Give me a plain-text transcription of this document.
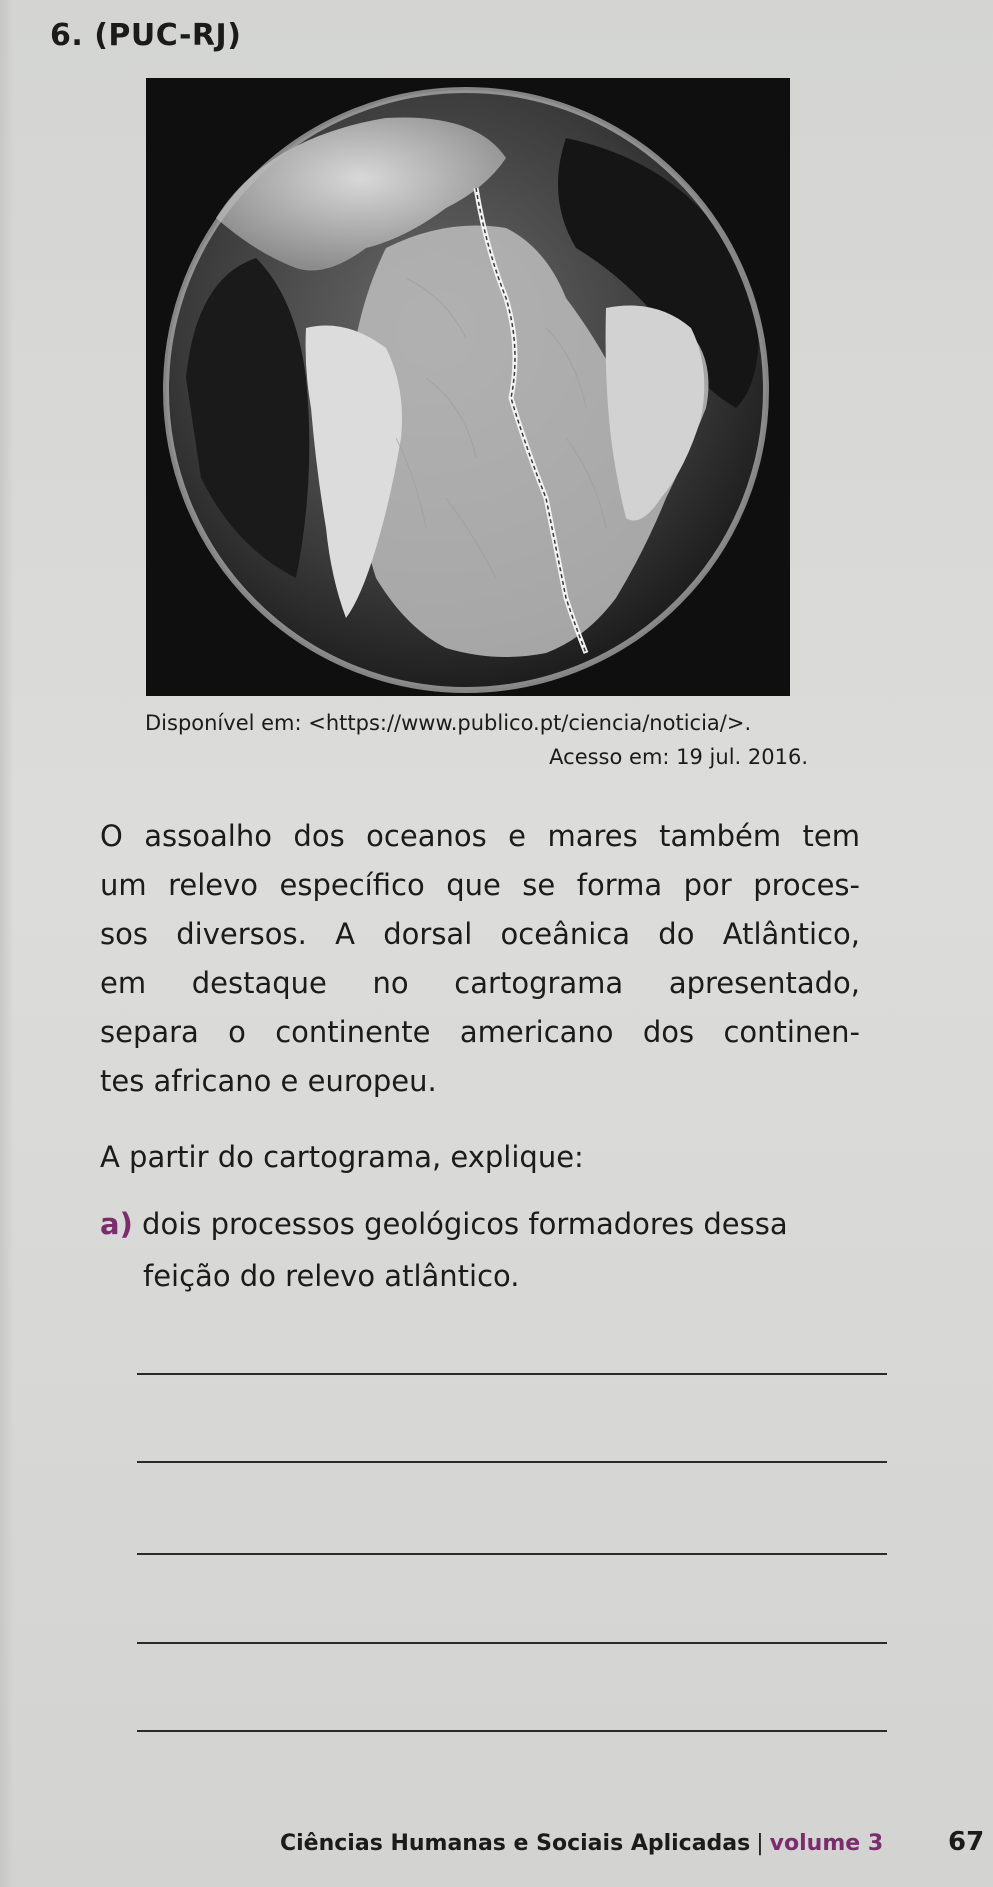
6. (PUC-RJ)
Disponível em: <https://www.publico.pt/ciencia/noticia/>.
Acesso em: 19 jul. 2016.
O assoalho dos oceanos e mares também tem
um relevo específico que se forma por proces-
sos diversos. A dorsal oceânica do Atlântico,
em destaque no cartograma apresentado,
separa o continente americano dos continen-
tes africano e europeu.
A partir do cartograma, explique:
a) dois processos geológicos formadores dessa
feição do relevo atlântico.
Ciências Humanas e Sociais Aplicadas | volume 3 67
